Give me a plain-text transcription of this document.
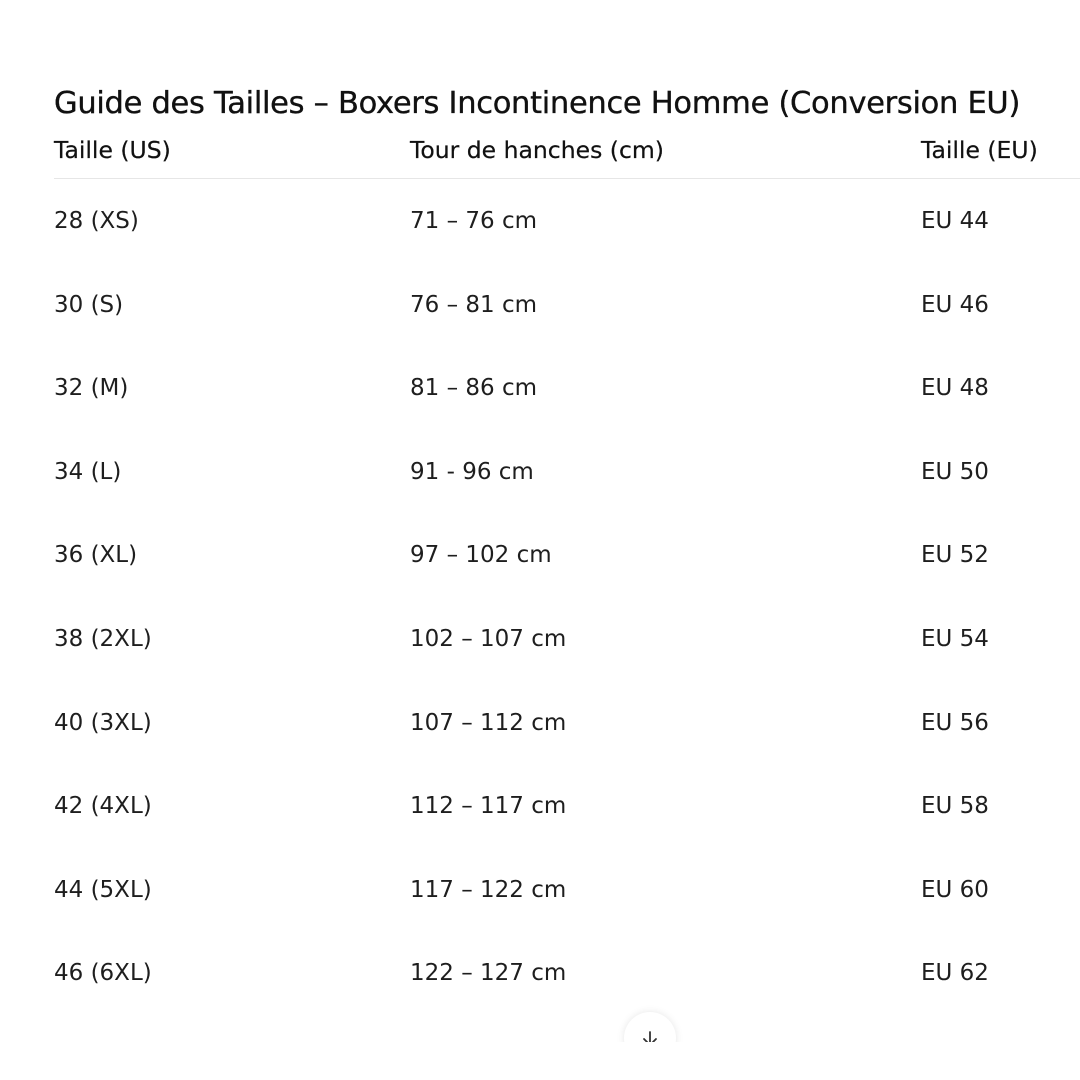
Guide des Tailles – Boxers Incontinence Homme (Conversion EU)
Taille (US)	Tour de hanches (cm)	Taille (EU)
28 (XS)	71 – 76 cm	EU 44
30 (S)	76 – 81 cm	EU 46
32 (M)	81 – 86 cm	EU 48
34 (L)	91 - 96 cm	EU 50
36 (XL)	97 – 102 cm	EU 52
38 (2XL)	102 – 107 cm	EU 54
40 (3XL)	107 – 112 cm	EU 56
42 (4XL)	112 – 117 cm	EU 58
44 (5XL)	117 – 122 cm	EU 60
46 (6XL)	122 – 127 cm	EU 62
